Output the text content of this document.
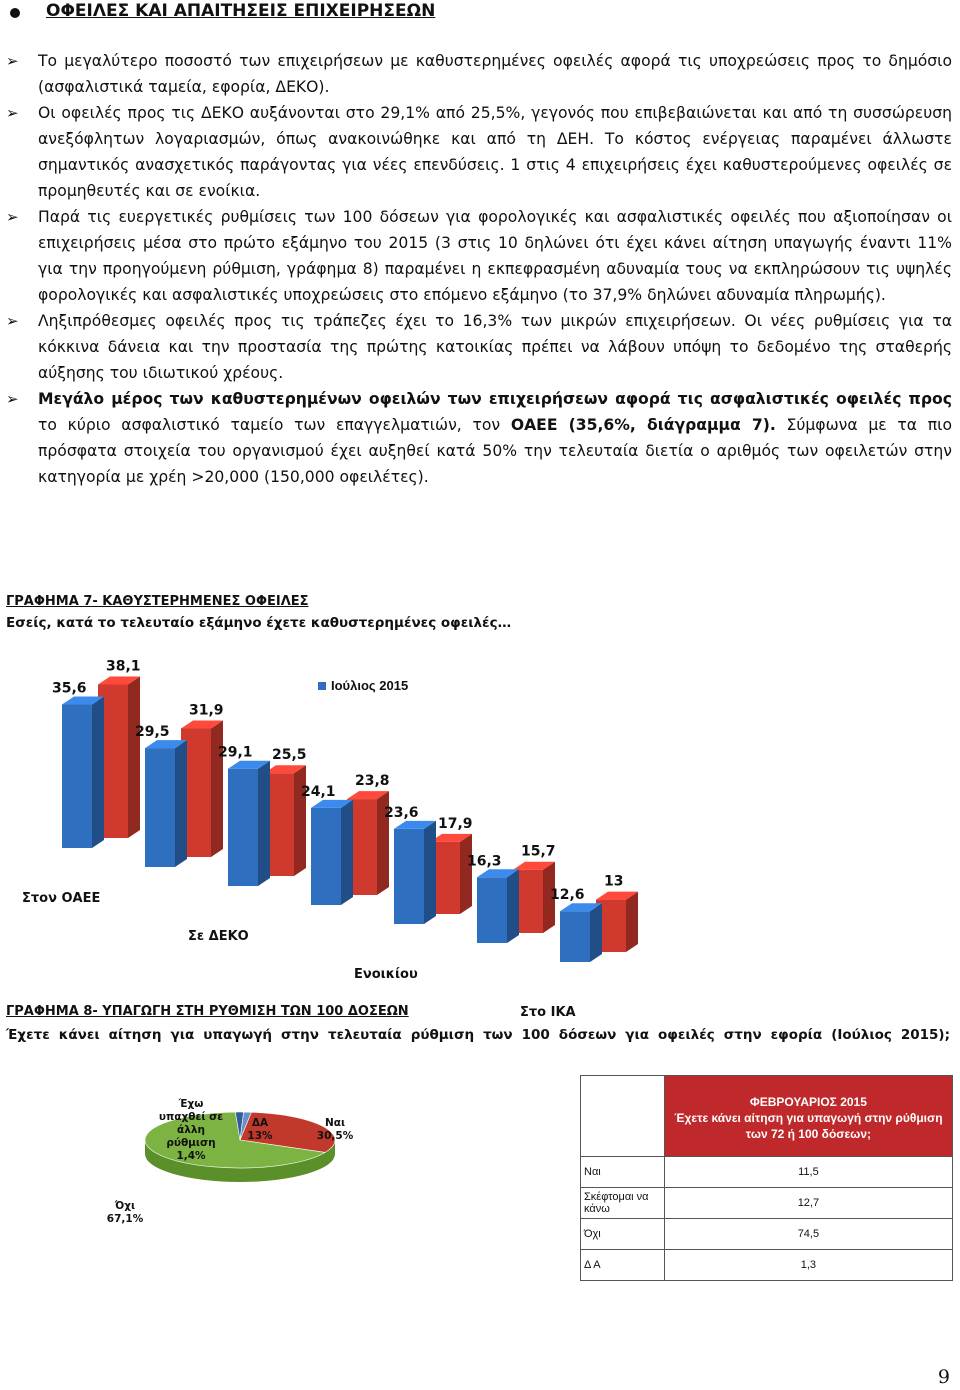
ΟΦΕΙΛΕΣ ΚΑΙ ΑΠΑΙΤΗΣΕΙΣ ΕΠΙΧΕΙΡΗΣΕΩΝ

➢ Το μεγαλύτερο ποσοστό των επιχειρήσεων με καθυστερημένες οφειλές αφορά τις υποχρεώσεις προς το δημόσιο (ασφαλιστικά ταμεία, εφορία, ΔΕΚΟ).

➢ Οι οφειλές προς τις ΔΕΚΟ αυξάνονται στο 29,1% από 25,5%, γεγονός που επιβεβαιώνεται και από τη συσσώρευση ανεξόφλητων λογαριασμών, όπως ανακοινώθηκε και από τη ΔΕΗ. Το κόστος ενέργειας παραμένει άλλωστε σημαντικός ανασχετικός παράγοντας για νέες επενδύσεις. 1 στις 4 επιχειρήσεις έχει καθυστερούμενες οφειλές σε προμηθευτές και σε ενοίκια.

➢ Παρά τις ευεργετικές ρυθμίσεις των 100 δόσεων για φορολογικές και ασφαλιστικές οφειλές που αξιοποίησαν οι επιχειρήσεις μέσα στο πρώτο εξάμηνο του 2015 (3 στις 10 δηλώνει ότι έχει κάνει αίτηση υπαγωγής έναντι 11% για την προηγούμενη ρύθμιση, γράφημα 8) παραμένει η εκπεφρασμένη αδυναμία τους να εκπληρώσουν τις υψηλές φορολογικές και ασφαλιστικές υποχρεώσεις στο επόμενο εξάμηνο (το 37,9% δηλώνει αδυναμία πληρωμής).

➢ Ληξιπρόθεσμες οφειλές προς τις τράπεζες έχει το 16,3% των μικρών επιχειρήσεων. Οι νέες ρυθμίσεις για τα κόκκινα δάνεια και την προστασία της πρώτης κατοικίας πρέπει να λάβουν υπόψη το δεδομένο της σταθερής αύξησης του ιδιωτικού χρέους.

➢ Μεγάλο μέρος των καθυστερημένων οφειλών των επιχειρήσεων αφορά τις ασφαλιστικές οφειλές προς το κύριο ασφαλιστικό ταμείο των επαγγελματιών, τον ΟΑΕΕ (35,6%, διάγραμμα 7). Σύμφωνα με τα πιο πρόσφατα στοιχεία του οργανισμού έχει αυξηθεί κατά 50% την τελευταία διετία ο αριθμός των οφειλετών στην κατηγορία με χρέη >20,000 (150,000 οφειλέτες).

ΓΡΑΦΗΜΑ 7- ΚΑΘΥΣΤΕΡΗΜΕΝΕΣ ΟΦΕΙΛΕΣ
Εσείς, κατά το τελευταίο εξάμηνο έχετε καθυστερημένες οφειλές…
Ιούλιος 2015
38,1
31,9
25,5
23,8
17,9
15,7
13
35,6
29,5
29,1
24,1
23,6
16,3
12,6
Στον ΟΑΕΕ
Σε ΔΕΚΟ
Ενοικίου
Στο ΙΚΑ
ΓΡΑΦΗΜΑ 8- ΥΠΑΓΩΓΗ ΣΤΗ ΡΥΘΜΙΣΗ ΤΩΝ 100 ΔΟΣΕΩΝ
Έχετε κάνει αίτηση για υπαγωγή στην τελευταία ρύθμιση των 100 δόσεων για οφειλές στην εφορία (Ιούλιος 2015);
Έχω υπαχθεί σε άλλη ρύθμιση
1,4%
ΔΑ
13%
Ναι
30,5%
Όχι
67,1%
	ΦΕΒΡΟΥΑΡΙΟΣ 2015
Έχετε κάνει αίτηση για υπαγωγή στην ρύθμιση των 72 ή 100 δόσεων;
Ναι	11,5
Σκέφτομαι να κάνω	12,7
Όχι	74,5
Δ Α	1,3
9
